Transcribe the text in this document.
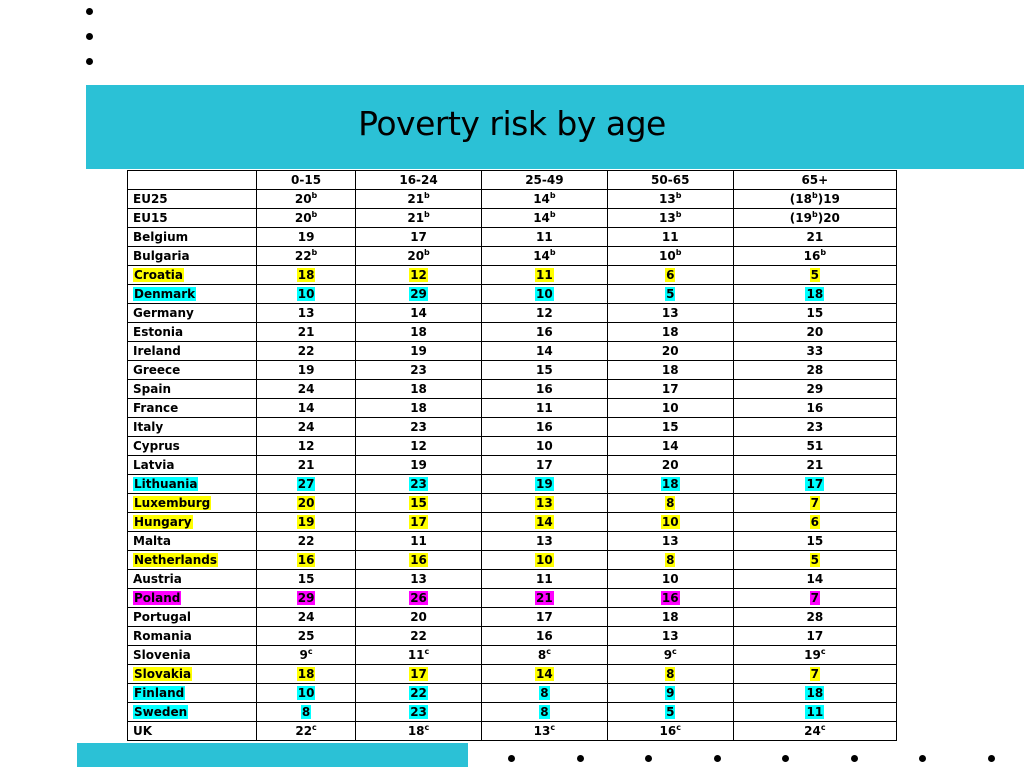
Poverty risk by age
	0-15	16-24	25-49	50-65	65+
EU25	20$^b$	21$^b$	14$^b$	13$^b$	(18$^b$)19
EU15	20$^b$	21$^b$	14$^b$	13$^b$	(19$^b$)20
Belgium	19	17	11	11	21
Bulgaria	22$^b$	20$^b$	14$^b$	10$^b$	16$^b$
Croatia	18	12	11	6	5
Denmark	10	29	10	5	18
Germany	13	14	12	13	15
Estonia	21	18	16	18	20
Ireland	22	19	14	20	33
Greece	19	23	15	18	28
Spain	24	18	16	17	29
France	14	18	11	10	16
Italy	24	23	16	15	23
Cyprus	12	12	10	14	51
Latvia	21	19	17	20	21
Lithuania	27	23	19	18	17
Luxemburg	20	15	13	8	7
Hungary	19	17	14	10	6
Malta	22	11	13	13	15
Netherlands	16	16	10	8	5
Austria	15	13	11	10	14
Poland	29	26	21	16	7
Portugal	24	20	17	18	28
Romania	25	22	16	13	17
Slovenia	9$^c$	11$^c$	8$^c$	9$^c$	19$^c$
Slovakia	18	17	14	8	7
Finland	10	22	8	9	18
Sweden	8	23	8	5	11
UK	22$^c$	18$^c$	13$^c$	16$^c$	24$^c$
